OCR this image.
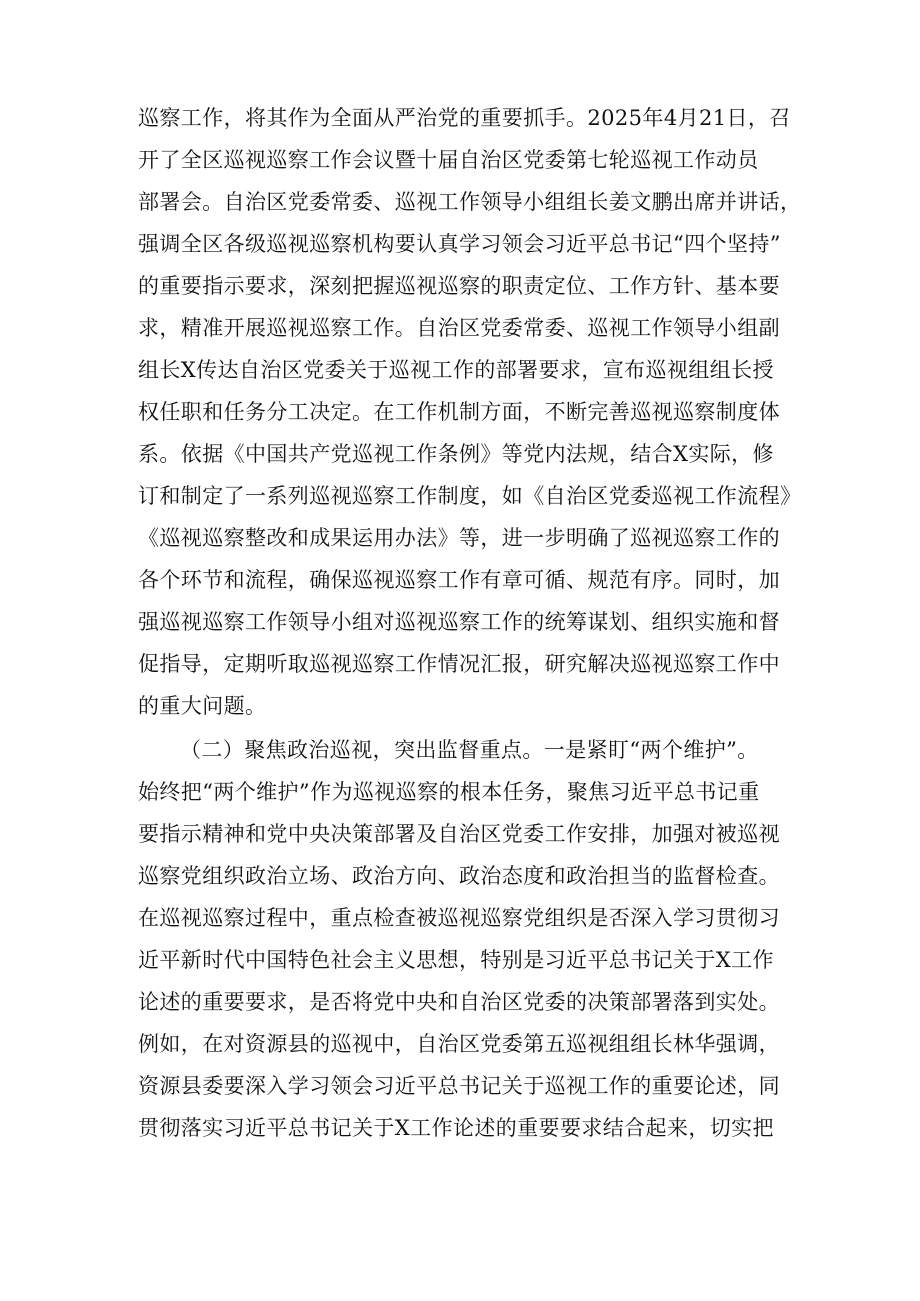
巡察工作，将其作为全面从严治党的重要抓手。2025年4月21日，召
开了全区巡视巡察工作会议暨十届自治区党委第七轮巡视工作动员
部署会。自治区党委常委、巡视工作领导小组组长姜文鹏出席并讲话，
强调全区各级巡视巡察机构要认真学习领会习近平总书记“四个坚持”
的重要指示要求，深刻把握巡视巡察的职责定位、工作方针、基本要
求，精准开展巡视巡察工作。自治区党委常委、巡视工作领导小组副
组长X传达自治区党委关于巡视工作的部署要求，宣布巡视组组长授
权任职和任务分工决定。在工作机制方面，不断完善巡视巡察制度体
系。依据《中国共产党巡视工作条例》等党内法规，结合X实际，修
订和制定了一系列巡视巡察工作制度，如《自治区党委巡视工作流程》
《巡视巡察整改和成果运用办法》等，进一步明确了巡视巡察工作的
各个环节和流程，确保巡视巡察工作有章可循、规范有序。同时，加
强巡视巡察工作领导小组对巡视巡察工作的统筹谋划、组织实施和督
促指导，定期听取巡视巡察工作情况汇报，研究解决巡视巡察工作中
的重大问题。
（二）聚焦政治巡视，突出监督重点。一是紧盯“两个维护”。
始终把“两个维护”作为巡视巡察的根本任务，聚焦习近平总书记重
要指示精神和党中央决策部署及自治区党委工作安排，加强对被巡视
巡察党组织政治立场、政治方向、政治态度和政治担当的监督检查。
在巡视巡察过程中，重点检查被巡视巡察党组织是否深入学习贯彻习
近平新时代中国特色社会主义思想，特别是习近平总书记关于X工作
论述的重要要求，是否将党中央和自治区党委的决策部署落到实处。
例如，在对资源县的巡视中，自治区党委第五巡视组组长林华强调，
资源县委要深入学习领会习近平总书记关于巡视工作的重要论述，同
贯彻落实习近平总书记关于X工作论述的重要要求结合起来，切实把
